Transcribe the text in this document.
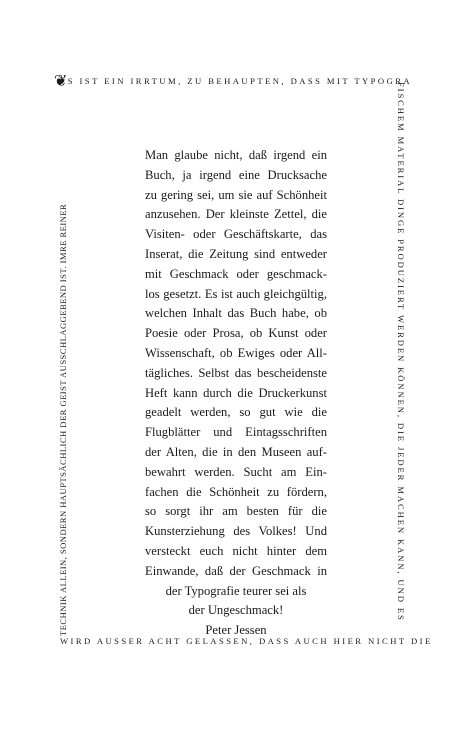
❦
ES IST EIN IRRTUM, ZU BEHAUPTEN, DASS MIT TYPOGRA
FISCHEM MATERIAL DINGE PRODUZIERT WERDEN KÖNNEN, DIE JEDER MACHEN KANN, UND ES
WIRD AUSSER ACHT GELASSEN, DASS AUCH HIER NICHT DIE
TECHNIK ALLEIN, SONDERN HAUPTSÄCHLICH DER GEIST AUSSCHLAGGEBEND IST. IMRE REINER
Man glaube nicht, daß irgend ein
Buch, ja irgend eine Drucksache
zu gering sei, um sie auf Schönheit
anzusehen. Der kleinste Zettel, die
Visiten- oder Geschäftskarte, das
Inserat, die Zeitung sind entweder
mit Geschmack oder geschmack-
los gesetzt. Es ist auch gleichgültig,
welchen Inhalt das Buch habe, ob
Poesie oder Prosa, ob Kunst oder
Wissenschaft, ob Ewiges oder All-
tägliches. Selbst das bescheidenste
Heft kann durch die Druckerkunst
geadelt werden, so gut wie die
Flugblätter und Eintagsschriften
der Alten, die in den Museen auf-
bewahrt werden. Sucht am Ein-
fachen die Schönheit zu fördern,
so sorgt ihr am besten für die
Kunsterziehung des Volkes! Und
versteckt euch nicht hinter dem
Einwande, daß der Geschmack in
der Typografie teurer sei als
der Ungeschmack!
Peter Jessen
